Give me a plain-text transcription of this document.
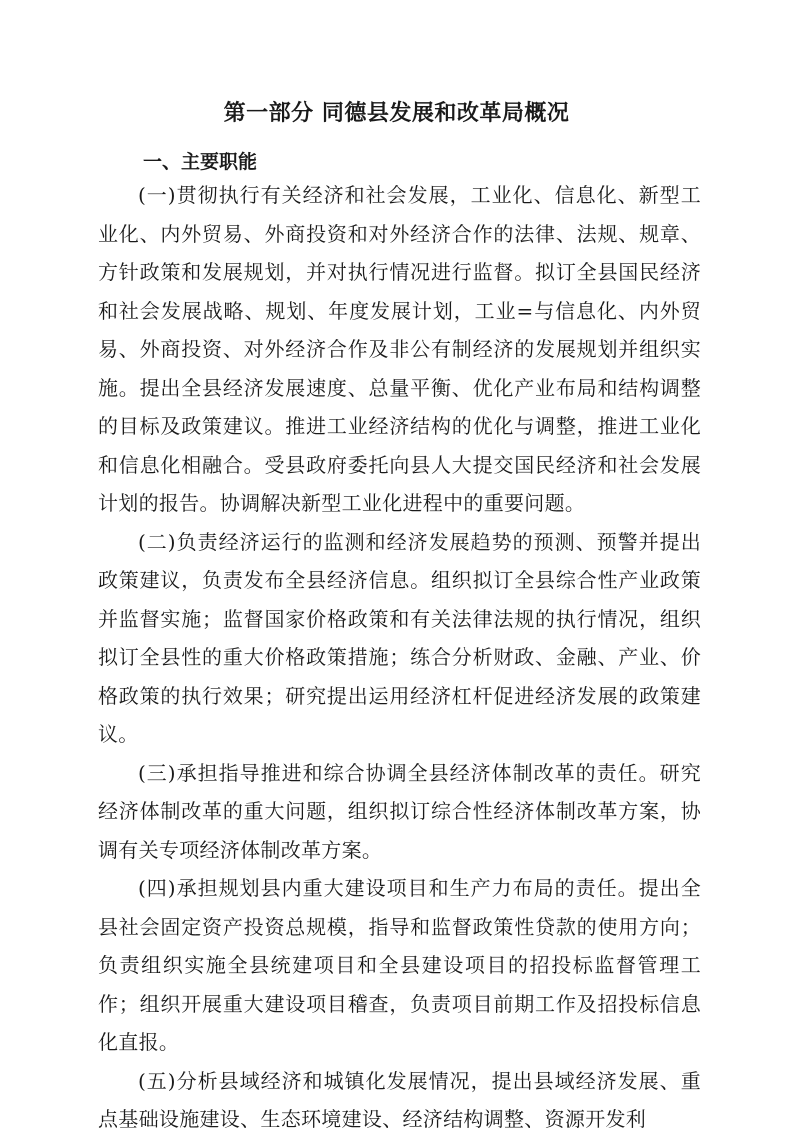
第一部分 同德县发展和改革局概况
一、主要职能

(一)贯彻执行有关经济和社会发展，工业化、信息化、新型工业化、内外贸易、外商投资和对外经济合作的法律、法规、规章、方针政策和发展规划，并对执行情况进行监督。拟订全县国民经济和社会发展战略、规划、年度发展计划，工业=与信息化、内外贸易、外商投资、对外经济合作及非公有制经济的发展规划并组织实施。提出全县经济发展速度、总量平衡、优化产业布局和结构调整的目标及政策建议。推进工业经济结构的优化与调整，推进工业化和信息化相融合。受县政府委托向县人大提交国民经济和社会发展计划的报告。协调解决新型工业化进程中的重要问题。

(二)负责经济运行的监测和经济发展趋势的预测、预警并提出政策建议，负责发布全县经济信息。组织拟订全县综合性产业政策并监督实施；监督国家价格政策和有关法律法规的执行情况，组织拟订全县性的重大价格政策措施；练合分析财政、金融、产业、价格政策的执行效果；研究提出运用经济杠杆促进经济发展的政策建议。

(三)承担指导推进和综合协调全县经济体制改革的责任。研究经济体制改革的重大问题，组织拟订综合性经济体制改革方案，协调有关专项经济体制改革方案。

(四)承担规划县内重大建设项目和生产力布局的责任。提出全县社会固定资产投资总规模，指导和监督政策性贷款的使用方向；负责组织实施全县统建项目和全县建设项目的招投标监督管理工作；组织开展重大建设项目稽查，负责项目前期工作及招投标信息化直报。

(五)分析县域经济和城镇化发展情况，提出县域经济发展、重点基础设施建设、生态环境建设、经济结构调整、资源开发利
